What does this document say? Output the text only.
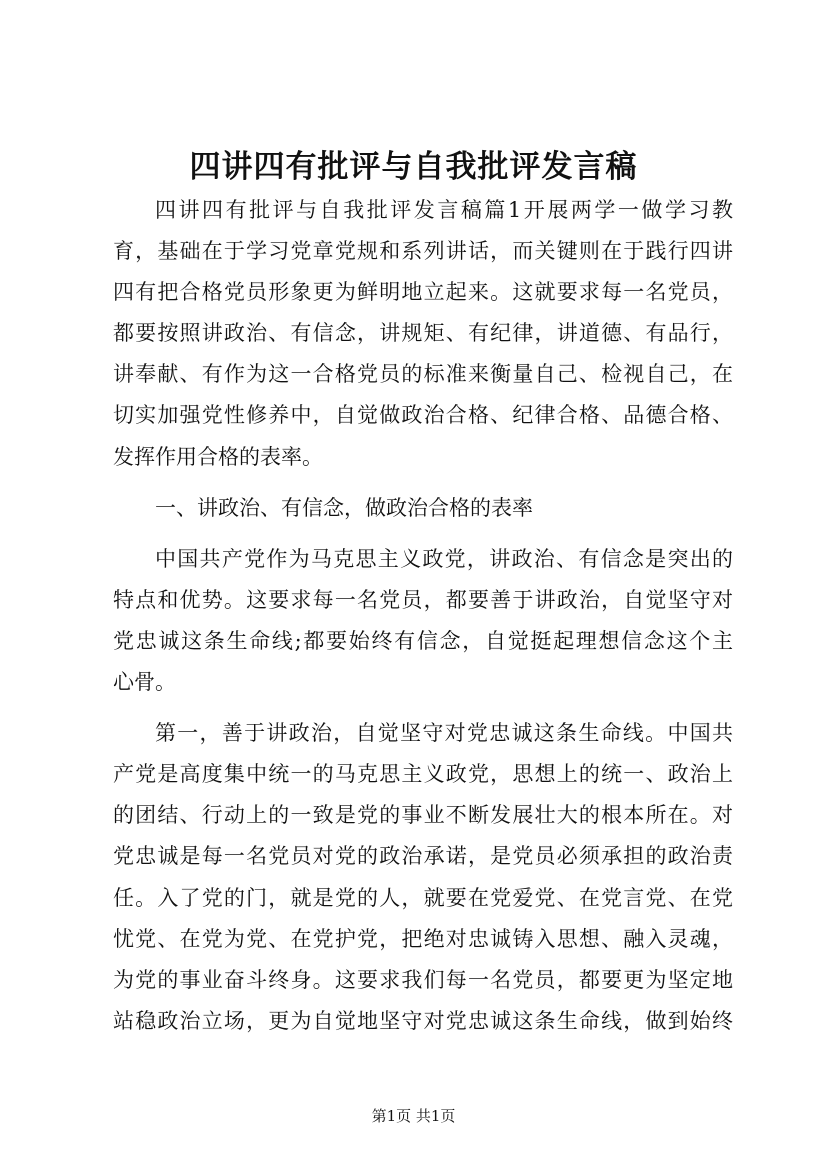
四讲四有批评与自我批评发言稿
四讲四有批评与自我批评发言稿篇1开展两学一做学习教
育，基础在于学习党章党规和系列讲话，而关键则在于践行四讲
四有把合格党员形象更为鲜明地立起来。这就要求每一名党员，
都要按照讲政治、有信念，讲规矩、有纪律，讲道德、有品行，
讲奉献、有作为这一合格党员的标准来衡量自己、检视自己，在
切实加强党性修养中，自觉做政治合格、纪律合格、品德合格、
发挥作用合格的表率。
一、讲政治、有信念，做政治合格的表率
中国共产党作为马克思主义政党，讲政治、有信念是突出的
特点和优势。这要求每一名党员，都要善于讲政治，自觉坚守对
党忠诚这条生命线;都要始终有信念，自觉挺起理想信念这个主
心骨。
第一，善于讲政治，自觉坚守对党忠诚这条生命线。中国共
产党是高度集中统一的马克思主义政党，思想上的统一、政治上
的团结、行动上的一致是党的事业不断发展壮大的根本所在。对
党忠诚是每一名党员对党的政治承诺，是党员必须承担的政治责
任。入了党的门，就是党的人，就要在党爱党、在党言党、在党
忧党、在党为党、在党护党，把绝对忠诚铸入思想、融入灵魂，
为党的事业奋斗终身。这要求我们每一名党员，都要更为坚定地
站稳政治立场，更为自觉地坚守对党忠诚这条生命线，做到始终
第1页 共1页
